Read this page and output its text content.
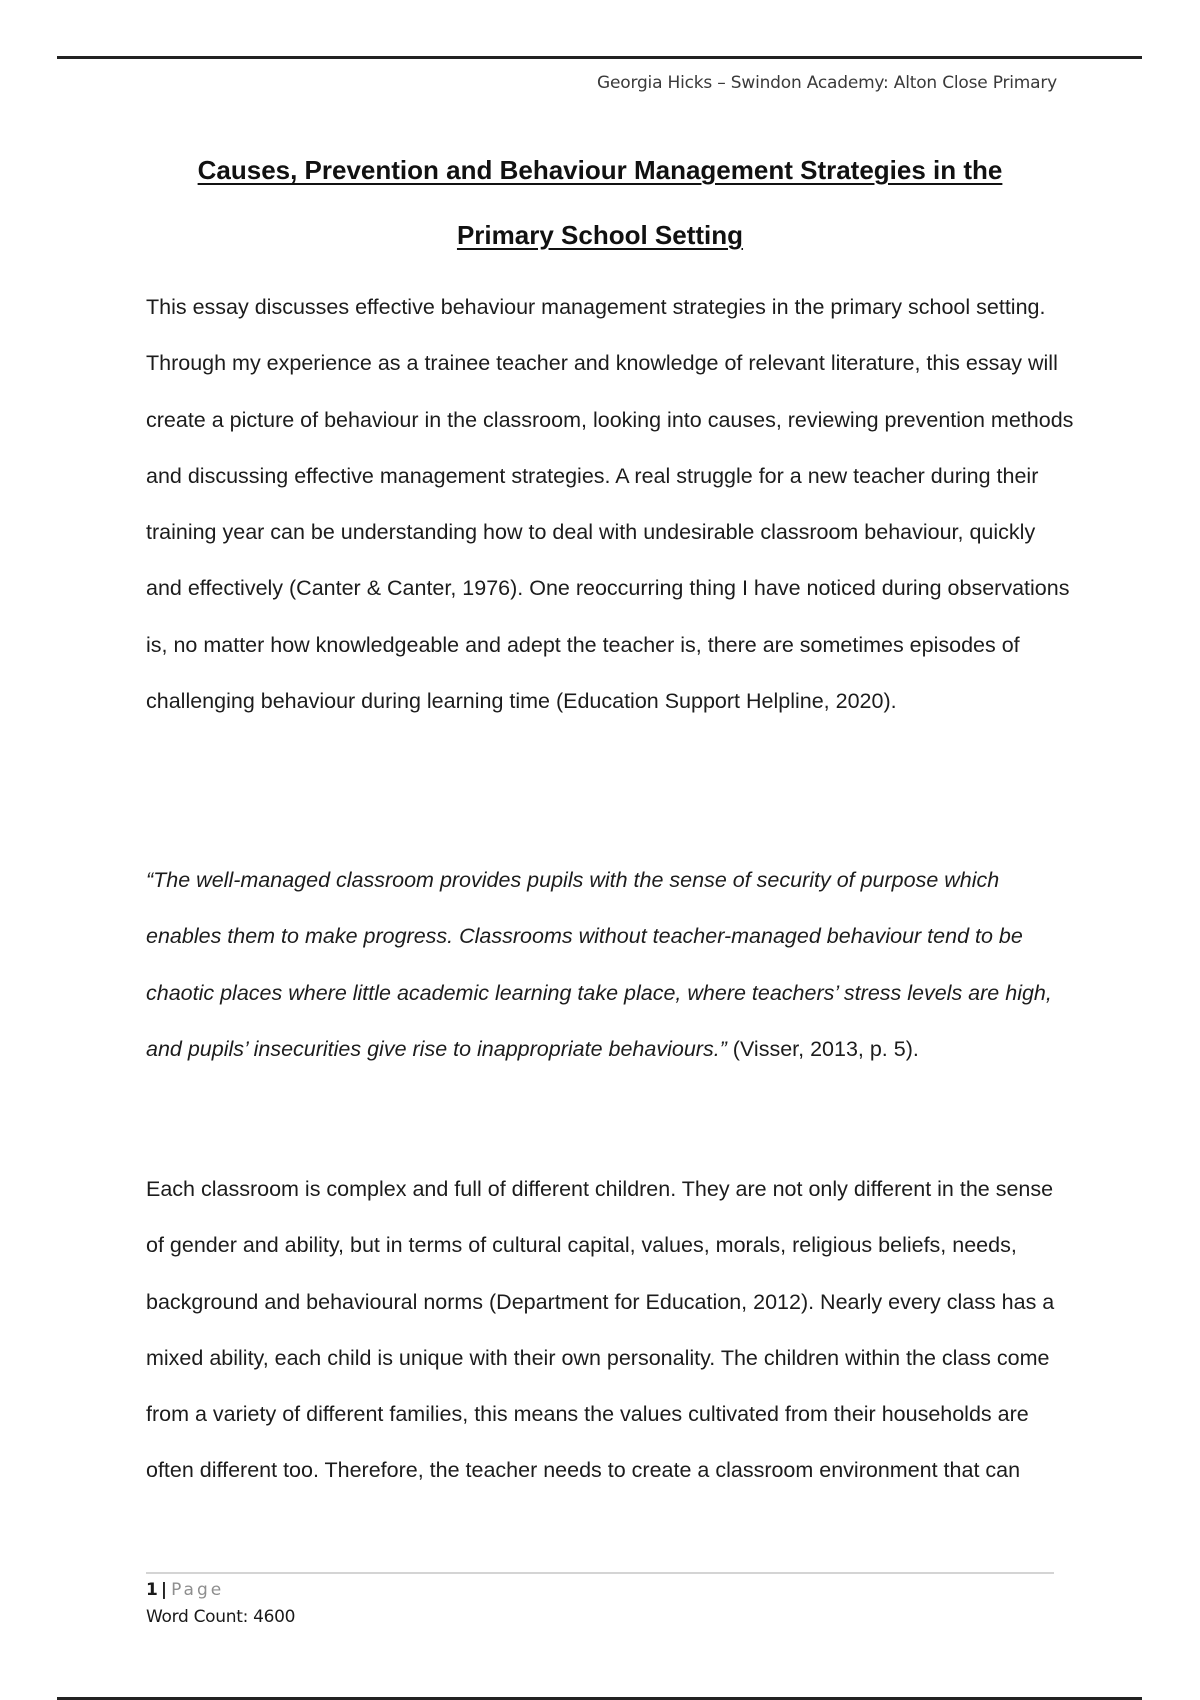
Georgia Hicks – Swindon Academy: Alton Close Primary
Causes, Prevention and Behaviour Management Strategies in the
Primary School Setting

This essay discusses effective behaviour management strategies in the primary school setting. Through my experience as a trainee teacher and knowledge of relevant literature, this essay will create a picture of behaviour in the classroom, looking into causes, reviewing prevention methods and discussing effective management strategies. A real struggle for a new teacher during their training year can be understanding how to deal with undesirable classroom behaviour, quickly and effectively (Canter & Canter, 1976). One reoccurring thing I have noticed during observations is, no matter how knowledgeable and adept the teacher is, there are sometimes episodes of challenging behaviour during learning time (Education Support Helpline, 2020).

“The well-managed classroom provides pupils with the sense of security of purpose which enables them to make progress. Classrooms without teacher-managed behaviour tend to be chaotic places where little academic learning take place, where teachers’ stress levels are high, and pupils’ insecurities give rise to inappropriate behaviours.” (Visser, 2013, p. 5).

Each classroom is complex and full of different children. They are not only different in the sense of gender and ability, but in terms of cultural capital, values, morals, religious beliefs, needs, background and behavioural norms (Department for Education, 2012). Nearly every class has a mixed ability, each child is unique with their own personality. The children within the class come from a variety of different families, this means the values cultivated from their households are often different too. Therefore, the teacher needs to create a classroom environment that can

1 | Page
Word Count: 4600
